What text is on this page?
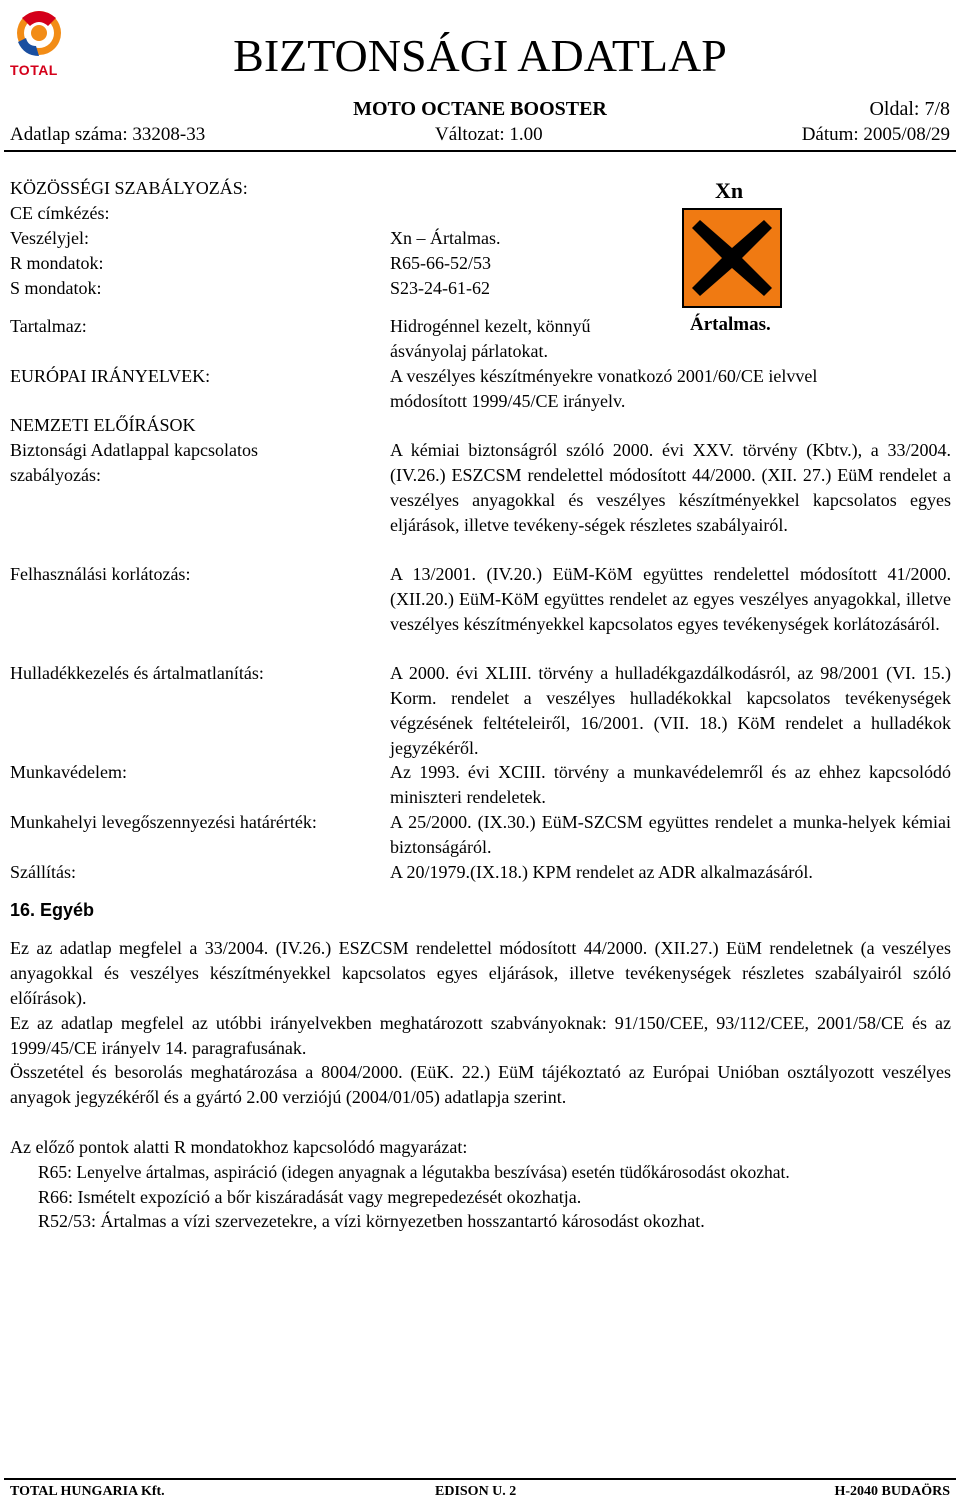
TOTAL	BIZTONSÁGI ADATLAP
MOTO OCTANE BOOSTER	Oldal: 7/8
Adatlap száma: 33208-33	Változat: 1.00	Dátum: 2005/08/29
KÖZÖSSÉGI SZABÁLYOZÁS:
CE címkézés:
Veszélyjel:	Xn – Ártalmas.
R mondatok:	R65-66-52/53
S mondatok:	S23-24-61-62
Tartalmaz:	Hidrogénnel kezelt, könnyű
ásványolaj párlatokat.
Xn
Ártalmas.
EURÓPAI IRÁNYELVEK:	A veszélyes készítményekre vonatkozó 2001/60/CE ielvvel
módosított 1999/45/CE irányelv.
NEMZETI ELŐÍRÁSOK
Biztonsági Adatlappal kapcsolatos
szabályozás:
A kémiai biztonságról szóló 2000. évi XXV. törvény (Kbtv.), a 33/2004. (IV.26.) ESZCSM rendelettel módosított 44/2000. (XII. 27.) EüM rendelet a veszélyes anyagokkal és veszélyes készítményekkel kapcsolatos egyes eljárások, illetve tevékeny-ségek részletes szabályairól.
Felhasználási korlátozás:	A 13/2001. (IV.20.) EüM-KöM együttes rendelettel módosított 41/2000. (XII.20.) EüM-KöM együttes rendelet az egyes veszélyes anyagokkal, illetve veszélyes készítményekkel kapcsolatos egyes tevékenységek korlátozásáról.
Hulladékkezelés és ártalmatlanítás:	A 2000. évi XLIII. törvény a hulladékgazdálkodásról, az 98/2001 (VI. 15.) Korm. rendelet a veszélyes hulladékokkal kapcsolatos tevékenységek végzésének feltételeiről, 16/2001. (VII. 18.) KöM rendelet a hulladékok jegyzékéről.
Munkavédelem:	Az 1993. évi XCIII. törvény a munkavédelemről és az ehhez kapcsolódó miniszteri rendeletek.
Munkahelyi levegőszennyezési határérték:	A 25/2000. (IX.30.) EüM-SZCSM együttes rendelet a munka-helyek kémiai biztonságáról.
Szállítás:	A 20/1979.(IX.18.) KPM rendelet az ADR alkalmazásáról.
16. Egyéb
Ez az adatlap megfelel a 33/2004. (IV.26.) ESZCSM rendelettel módosított 44/2000. (XII.27.) EüM rendeletnek (a veszélyes anyagokkal és veszélyes készítményekkel kapcsolatos egyes eljárások, illetve tevékenységek részletes szabályairól szóló előírások).
Ez az adatlap megfelel az utóbbi irányelvekben meghatározott szabványoknak: 91/150/CEE, 93/112/CEE, 2001/58/CE és az 1999/45/CE irányelv 14. paragrafusának.
Összetétel és besorolás meghatározása a 8004/2000. (EüK. 22.) EüM tájékoztató az Európai Unióban osztályozott veszélyes anyagok jegyzékéről és a gyártó 2.00 verziójú (2004/01/05) adatlapja szerint.
Az előző pontok alatti R mondatokhoz kapcsolódó magyarázat:
R65: Lenyelve ártalmas, aspiráció (idegen anyagnak a légutakba beszívása) esetén tüdőkárosodást okozhat.
R66: Ismételt expozíció a bőr kiszáradását vagy megrepedezését okozhatja.
R52/53: Ártalmas a vízi szervezetekre, a vízi környezetben hosszantartó károsodást okozhat.
TOTAL HUNGARIA Kft.	EDISON U. 2	H-2040 BUDAÖRS
